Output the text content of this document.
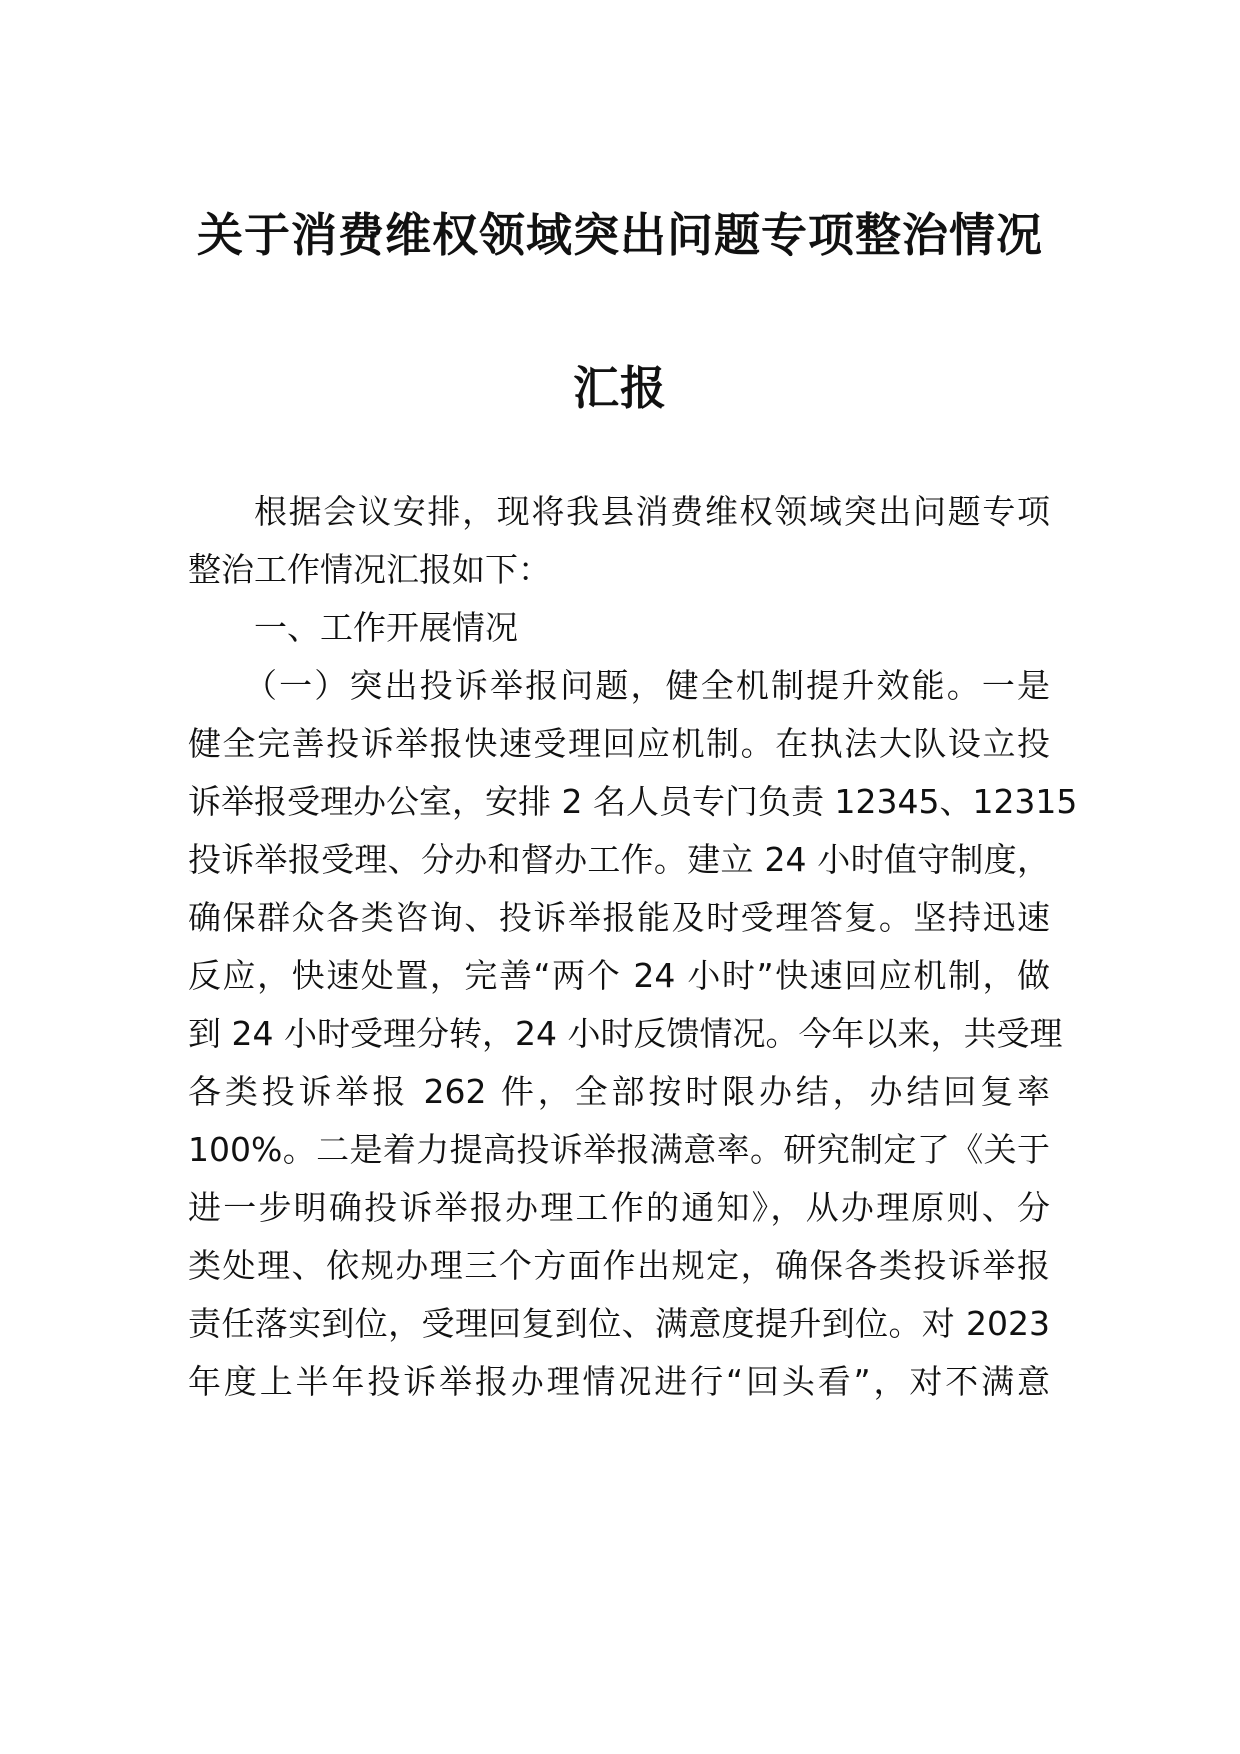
关于消费维权领域突出问题专项整治情况
汇报
根据会议安排，现将我县消费维权领域突出问题专项
整治工作情况汇报如下：
一、工作开展情况
（一）突出投诉举报问题，健全机制提升效能。一是
健全完善投诉举报快速受理回应机制。在执法大队设立投
诉举报受理办公室，安排 2 名人员专门负责 12345、12315
投诉举报受理、分办和督办工作。建立 24 小时值守制度，
确保群众各类咨询、投诉举报能及时受理答复。坚持迅速
反应，快速处置，完善“两个 24 小时”快速回应机制，做
到 24 小时受理分转，24 小时反馈情况。今年以来，共受理
各类投诉举报 262 件，全部按时限办结，办结回复率
100%。二是着力提高投诉举报满意率。研究制定了《关于
进一步明确投诉举报办理工作的通知》，从办理原则、分
类处理、依规办理三个方面作出规定，确保各类投诉举报
责任落实到位，受理回复到位、满意度提升到位。对 2023
年度上半年投诉举报办理情况进行“回头看”，对不满意
